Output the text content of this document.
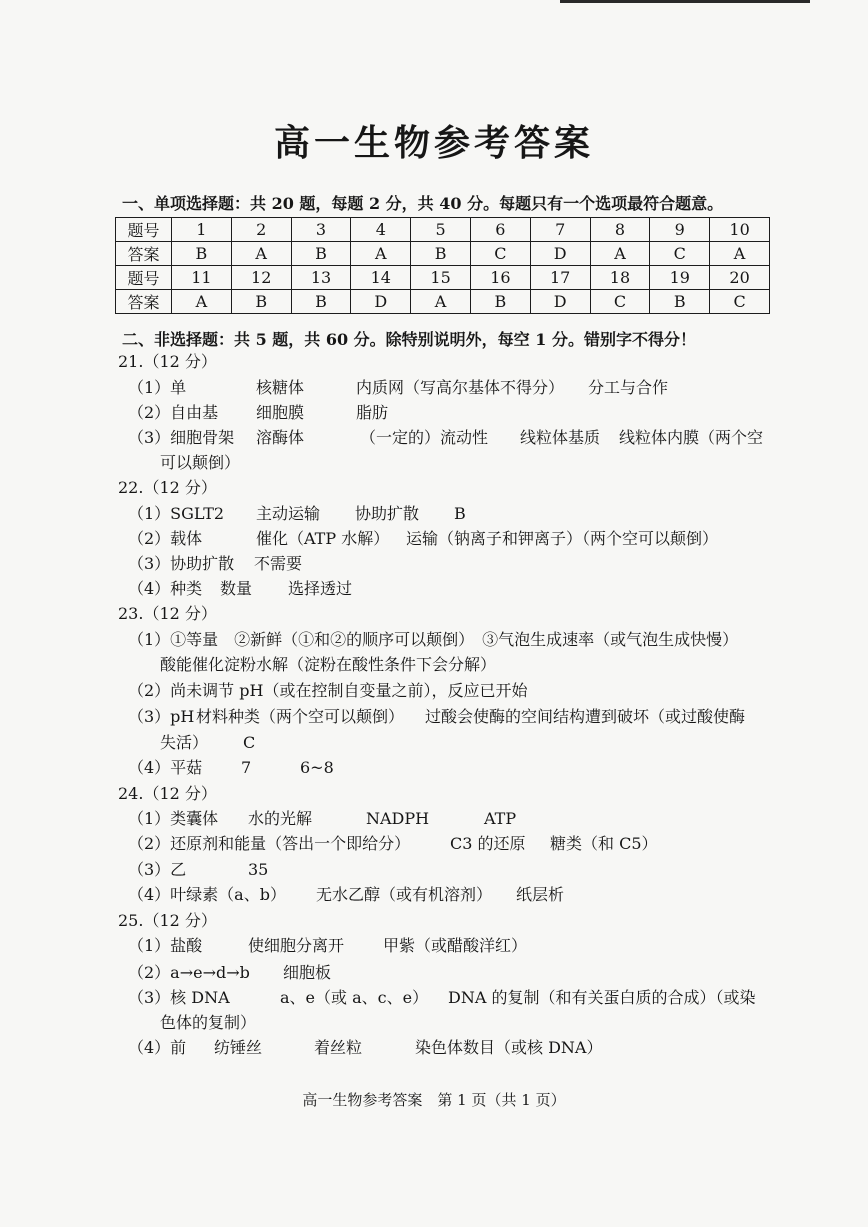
高一生物参考答案
一、单项选择题：共 20 题，每题 2 分，共 40 分。每题只有一个选项最符合题意。
题号	1	2	3	4	5	6	7	8	9	10
答案	B	A	B	A	B	C	D	A	C	A
题号	11	12	13	14	15	16	17	18	19	20
答案	A	B	B	D	A	B	D	C	B	C
二、非选择题：共 5 题，共 60 分。除特别说明外，每空 1 分。错别字不得分！
21.（12 分）
（1）单	核糖体	内质网（写高尔基体不得分） 分工与合作
（2）自由基 细胞膜	脂肪
（3）细胞骨架 溶酶体	（一定的）流动性 线粒体基质 线粒体内膜（两个空
可以颠倒）
22.（12 分）
（1）SGLT2 主动运输 协助扩散 B
（2）载体	催化（ATP 水解） 运输（钠离子和钾离子）（两个空可以颠倒）
（3）协助扩散 不需要
（4）种类 数量 选择透过
23.（12 分）
（1）①等量　②新鲜（①和②的顺序可以颠倒）　③气泡生成速率（或气泡生成快慢）
酸能催化淀粉水解（淀粉在酸性条件下会分解）
（2）尚未调节 pH（或在控制自变量之前），反应已开始
（3）pH 材料种类（两个空可以颠倒） 过酸会使酶的空间结构遭到破坏（或过酸使酶
失活） C
（4）平菇 7	6~8
24.（12 分）
（1）类囊体 水的光解	NADPH	ATP
（2）还原剂和能量（答出一个即给分） C3 的还原 糖类（和 C5）
（3）乙	35
（4）叶绿素（a、b） 无水乙醇（或有机溶剂） 纸层析
25.（12 分）
（1）盐酸	使细胞分离开 甲紫（或醋酸洋红）
（2）a→e→d→b 细胞板
（3）核 DNA	a、e（或 a、c、e） DNA 的复制（和有关蛋白质的合成）（或染
色体的复制）
（4）前 纺锤丝	着丝粒	染色体数目（或核 DNA）
高一生物参考答案　第 1 页（共 1 页）
